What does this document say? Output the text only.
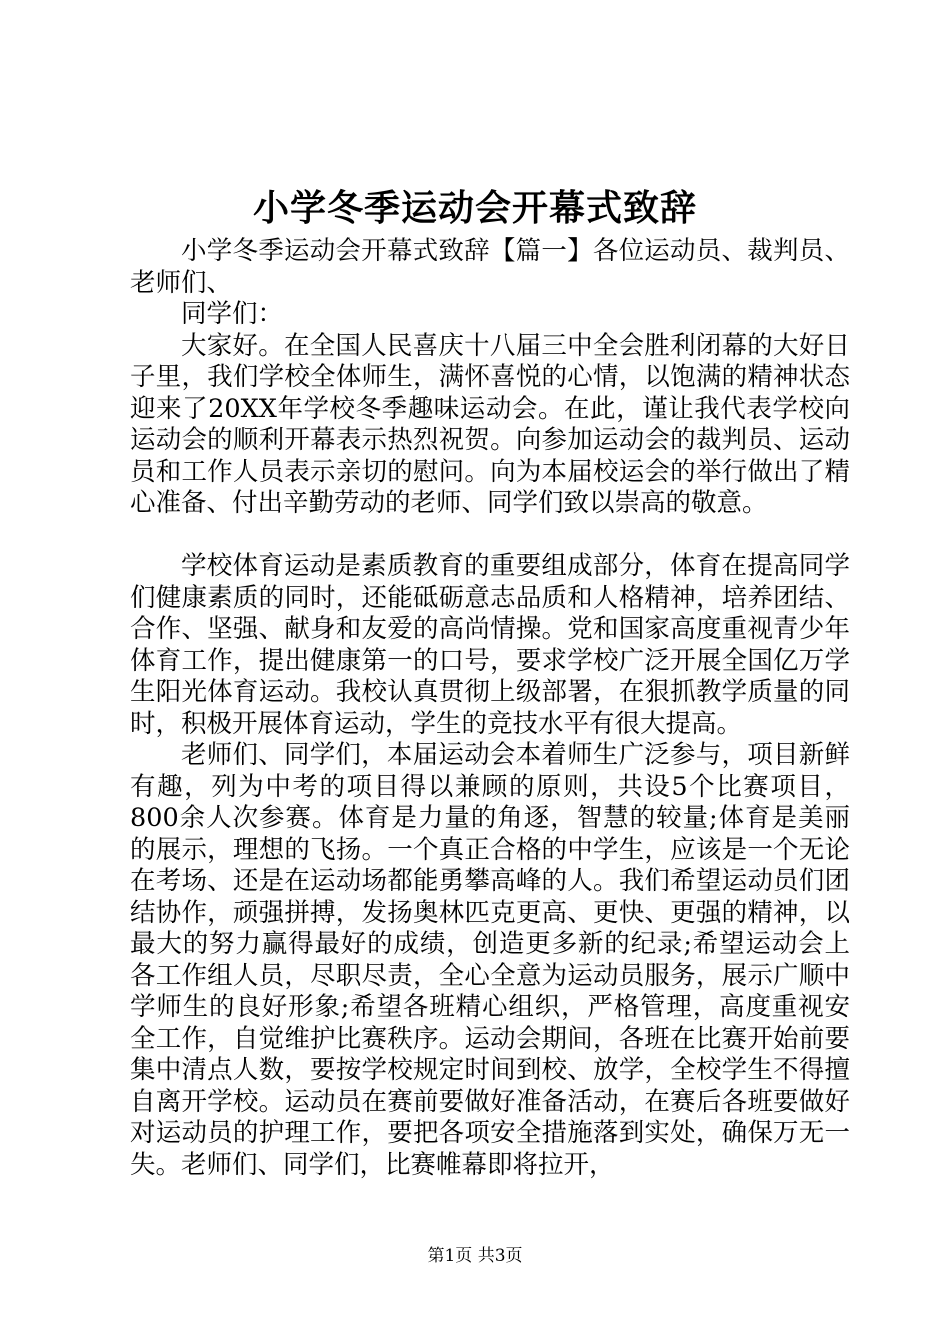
小学冬季运动会开幕式致辞

小学冬季运动会开幕式致辞【篇一】各位运动员、裁判员、老师们、

同学们：

大家好。在全国人民喜庆十八届三中全会胜利闭幕的大好日子里，我们学校全体师生，满怀喜悦的心情，以饱满的精神状态迎来了20XX年学校冬季趣味运动会。在此，谨让我代表学校向运动会的顺利开幕表示热烈祝贺。向参加运动会的裁判员、运动员和工作人员表示亲切的慰问。向为本届校运会的举行做出了精心准备、付出辛勤劳动的老师、同学们致以崇高的敬意。

学校体育运动是素质教育的重要组成部分，体育在提高同学们健康素质的同时，还能砥砺意志品质和人格精神，培养团结、合作、坚强、献身和友爱的高尚情操。党和国家高度重视青少年体育工作，提出健康第一的口号，要求学校广泛开展全国亿万学生阳光体育运动。我校认真贯彻上级部署，在狠抓教学质量的同时，积极开展体育运动，学生的竞技水平有很大提高。

老师们、同学们，本届运动会本着师生广泛参与，项目新鲜有趣，列为中考的项目得以兼顾的原则，共设5个比赛项目，800余人次参赛。体育是力量的角逐，智慧的较量;体育是美丽的展示，理想的飞扬。一个真正合格的中学生，应该是一个无论在考场、还是在运动场都能勇攀高峰的人。我们希望运动员们团结协作，顽强拼搏，发扬奥林匹克更高、更快、更强的精神，以最大的努力赢得最好的成绩，创造更多新的纪录;希望运动会上各工作组人员，尽职尽责，全心全意为运动员服务，展示广顺中学师生的良好形象;希望各班精心组织，严格管理，高度重视安全工作，自觉维护比赛秩序。运动会期间，各班在比赛开始前要集中清点人数，要按学校规定时间到校、放学，全校学生不得擅自离开学校。运动员在赛前要做好准备活动，在赛后各班要做好对运动员的护理工作，要把各项安全措施落到实处，确保万无一失。老师们、同学们，比赛帷幕即将拉开，

第1页 共3页
